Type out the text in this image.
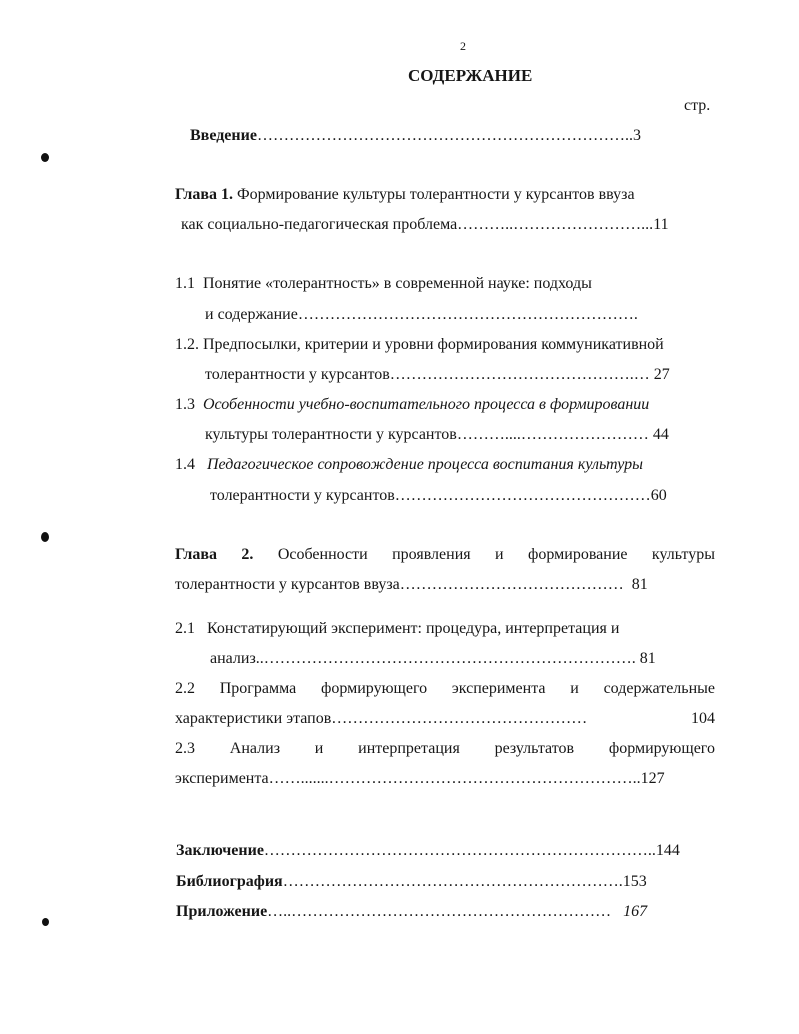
2
СОДЕРЖАНИЕ
стр.
Введение……………………………………………………………..3
Глава 1. Формирование культуры толерантности у курсантов ввуза
как социально-педагогическая проблема………..……………………...11
1.1 Понятие «толерантность» в современной науке: подходы
и содержание……………………………………………………….
1.2. Предпосылки, критерии и уровни формирования коммуникативной
толерантности у курсантов……………………………………….… 27
1.3 Особенности учебно-воспитательного процесса в формировании
культуры толерантности у курсантов………....…………………… 44
1.4 Педагогическое сопровождение процесса воспитания культуры
толерантности у курсантов…………………………………………60
Глава 2. Особенности проявления и формирование культуры
толерантности у курсантов ввуза…………………………………… 81
2.1 Констатирующий эксперимент: процедура, интерпретация и
анализ..……………………………………………………………. 81
2.2 Программа формирующего эксперимента и содержательные
характеристики этапов…………………………………………	104
2.3 Анализ и интерпретация результатов формирующего
эксперимента…….......…………………………………………………..127
Заключение………………………………………………………………..144
Библиография……………………………………………………….153
Приложение…..……………………………………………………   167
